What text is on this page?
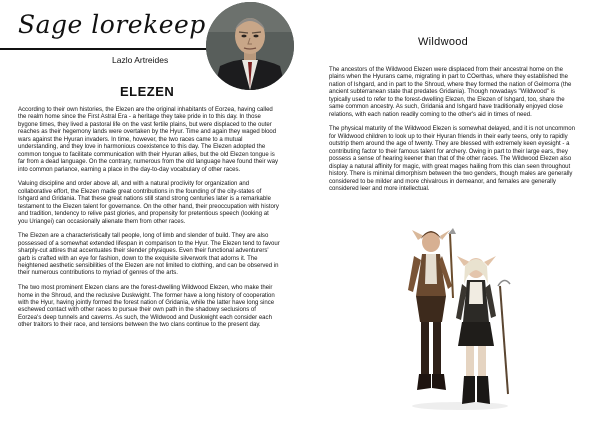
Sage lorekeep
Lazlo Artreides
ELEZEN

According to their own histories, the Elezen are the original inhabitants of Eorzea, having called the realm home since the First Astral Era - a heritage they take pride in to this day. In those bygone times, they lived a pastoral life on the vast fertile plains, but were displaced to the outer reaches as their hegemony lands were overtaken by the Hyur. Time and again they waged blood wars against the Hyuran invaders. In time, however, the two races came to a mutual understanding, and they love in harmonious coexistence to this day. The Elezen adopted the common tongue to facilitate communication with their Hyuran allies, but the old Elezen tongue is far from a dead language. On the contrary, numerous from the old language have found their way into common parlance, earning a place in the day-to-day vocabulary of other races.

Valuing discipline and order above all, and with a natural proclivity for organization and collaborative effort, the Elezen made great contributions in the founding of the city-states of Ishgard and Gridania. That these great nations still stand strong centuries later is a remarkable testament to the Elezen talent for governance. On the other hand, their preoccupation with history and tradition, tendency to relive past glories, and propensity for pretentious speech (looking at you Uriangei) can occasionally alienate them from other races.

The Elezen are a characteristically tall people, long of limb and slender of build. They are also possessed of a somewhat extended lifespan in comparison to the Hyur. The Elezen tend to favour sharply-cut attires that accentuates their slender physiques. Even their functional adventurers' garb is crafted with an eye for fashion, down to the exquisite silverwork that adorns it. The heightened aesthetic sensibilities of the Elezen are not limited to clothing, and can be observed in their numerous contributions to myriad of genres of the arts.

The two most prominent Elezen clans are the forest-dwelling Wildwood Elezen, who make their home in the Shroud, and the reclusive Duskwight. The former have a long history of cooperation with the Hyur, having jointly formed the forest nation of Gridania, while the latter have long since eschewed contact with other races to pursue their own path in the shadowy seclusions of Eorzea's deep tunnels and caverns. As such, the Wildwood and Duskwight each consider each other traitors to their race, and tensions between the two clans continue to the present day.

Wildwood

The ancestors of the Wildwood Elezen were displaced from their ancestral home on the plains when the Hyurans came, migrating in part to COerthas, where they established the nation of Ishgard, and in part to the Shroud, where they formed the nation of Gelmorra (the ancient subterranean state that predates Gridania). Though nowadays "Wildwood" is typically used to refer to the forest-dwelling Elezen, the Elezen of Ishgard, too, share the same common ancestry. As such, Gridania and Ishgard have traditionally enjoyed close relations, with each nation readily coming to the other's aid in times of need.

The physical maturity of the Wildwood Elezen is somewhat delayed, and it is not uncommon for Wildwood children to look up to their Hyuran friends in their early teens, only to rapidly outstrip them around the age of twenty. They are blessed with extremely keen eyesight - a contributing factor to their famous talent for archery. Owing in part to their large ears, they possess a sense of hearing keener than that of the other races. The Wildwood Elezen also display a natural affinity for magic, with great mages hailing from this clan seen throughout history. There is minimal dimorphism between the two genders, though males are generally considered to be milder and more chivalrous in demeanor, and females are generally considered leer and more intellectual.
